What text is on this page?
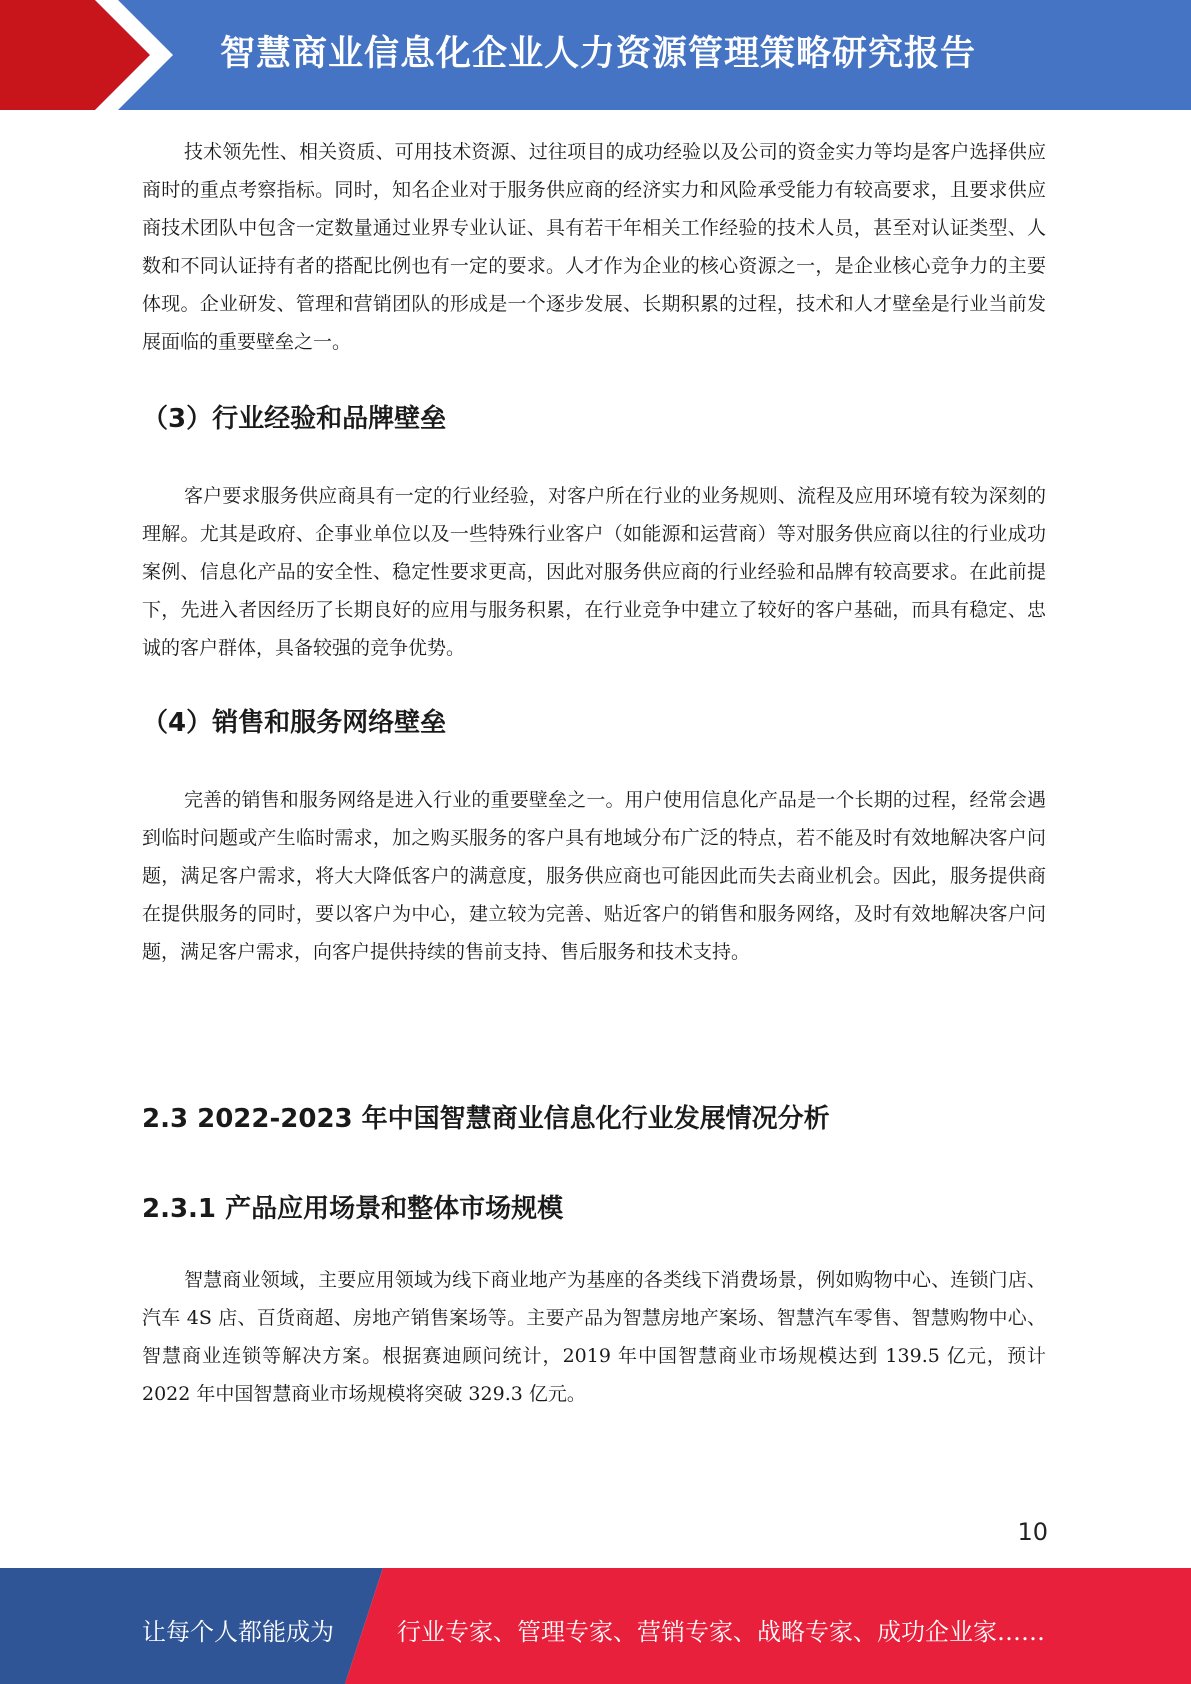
智慧商业信息化企业人力资源管理策略研究报告

技术领先性、相关资质、可用技术资源、过往项目的成功经验以及公司的资金实力等均是客户选择供应商时的重点考察指标。同时，知名企业对于服务供应商的经济实力和风险承受能力有较高要求，且要求供应商技术团队中包含一定数量通过业界专业认证、具有若干年相关工作经验的技术人员，甚至对认证类型、人数和不同认证持有者的搭配比例也有一定的要求。人才作为企业的核心资源之一，是企业核心竞争力的主要体现。企业研发、管理和营销团队的形成是一个逐步发展、长期积累的过程，技术和人才壁垒是行业当前发展面临的重要壁垒之一。

（3）行业经验和品牌壁垒

客户要求服务供应商具有一定的行业经验，对客户所在行业的业务规则、流程及应用环境有较为深刻的理解。尤其是政府、企事业单位以及一些特殊行业客户（如能源和运营商）等对服务供应商以往的行业成功案例、信息化产品的安全性、稳定性要求更高，因此对服务供应商的行业经验和品牌有较高要求。在此前提下，先进入者因经历了长期良好的应用与服务积累，在行业竞争中建立了较好的客户基础，而具有稳定、忠诚的客户群体，具备较强的竞争优势。

（4）销售和服务网络壁垒

完善的销售和服务网络是进入行业的重要壁垒之一。用户使用信息化产品是一个长期的过程，经常会遇到临时问题或产生临时需求，加之购买服务的客户具有地域分布广泛的特点，若不能及时有效地解决客户问题，满足客户需求，将大大降低客户的满意度，服务供应商也可能因此而失去商业机会。因此，服务提供商在提供服务的同时，要以客户为中心，建立较为完善、贴近客户的销售和服务网络，及时有效地解决客户问题，满足客户需求，向客户提供持续的售前支持、售后服务和技术支持。

2.3 2022-2023 年中国智慧商业信息化行业发展情况分析
2.3.1 产品应用场景和整体市场规模

智慧商业领域，主要应用领域为线下商业地产为基座的各类线下消费场景，例如购物中心、连锁门店、汽车 4S 店、百货商超、房地产销售案场等。主要产品为智慧房地产案场、智慧汽车零售、智慧购物中心、智慧商业连锁等解决方案。根据赛迪顾问统计，2019 年中国智慧商业市场规模达到 139.5 亿元，预计 2022 年中国智慧商业市场规模将突破 329.3 亿元。

10
让每个人都能成为	行业专家、管理专家、营销专家、战略专家、成功企业家……
